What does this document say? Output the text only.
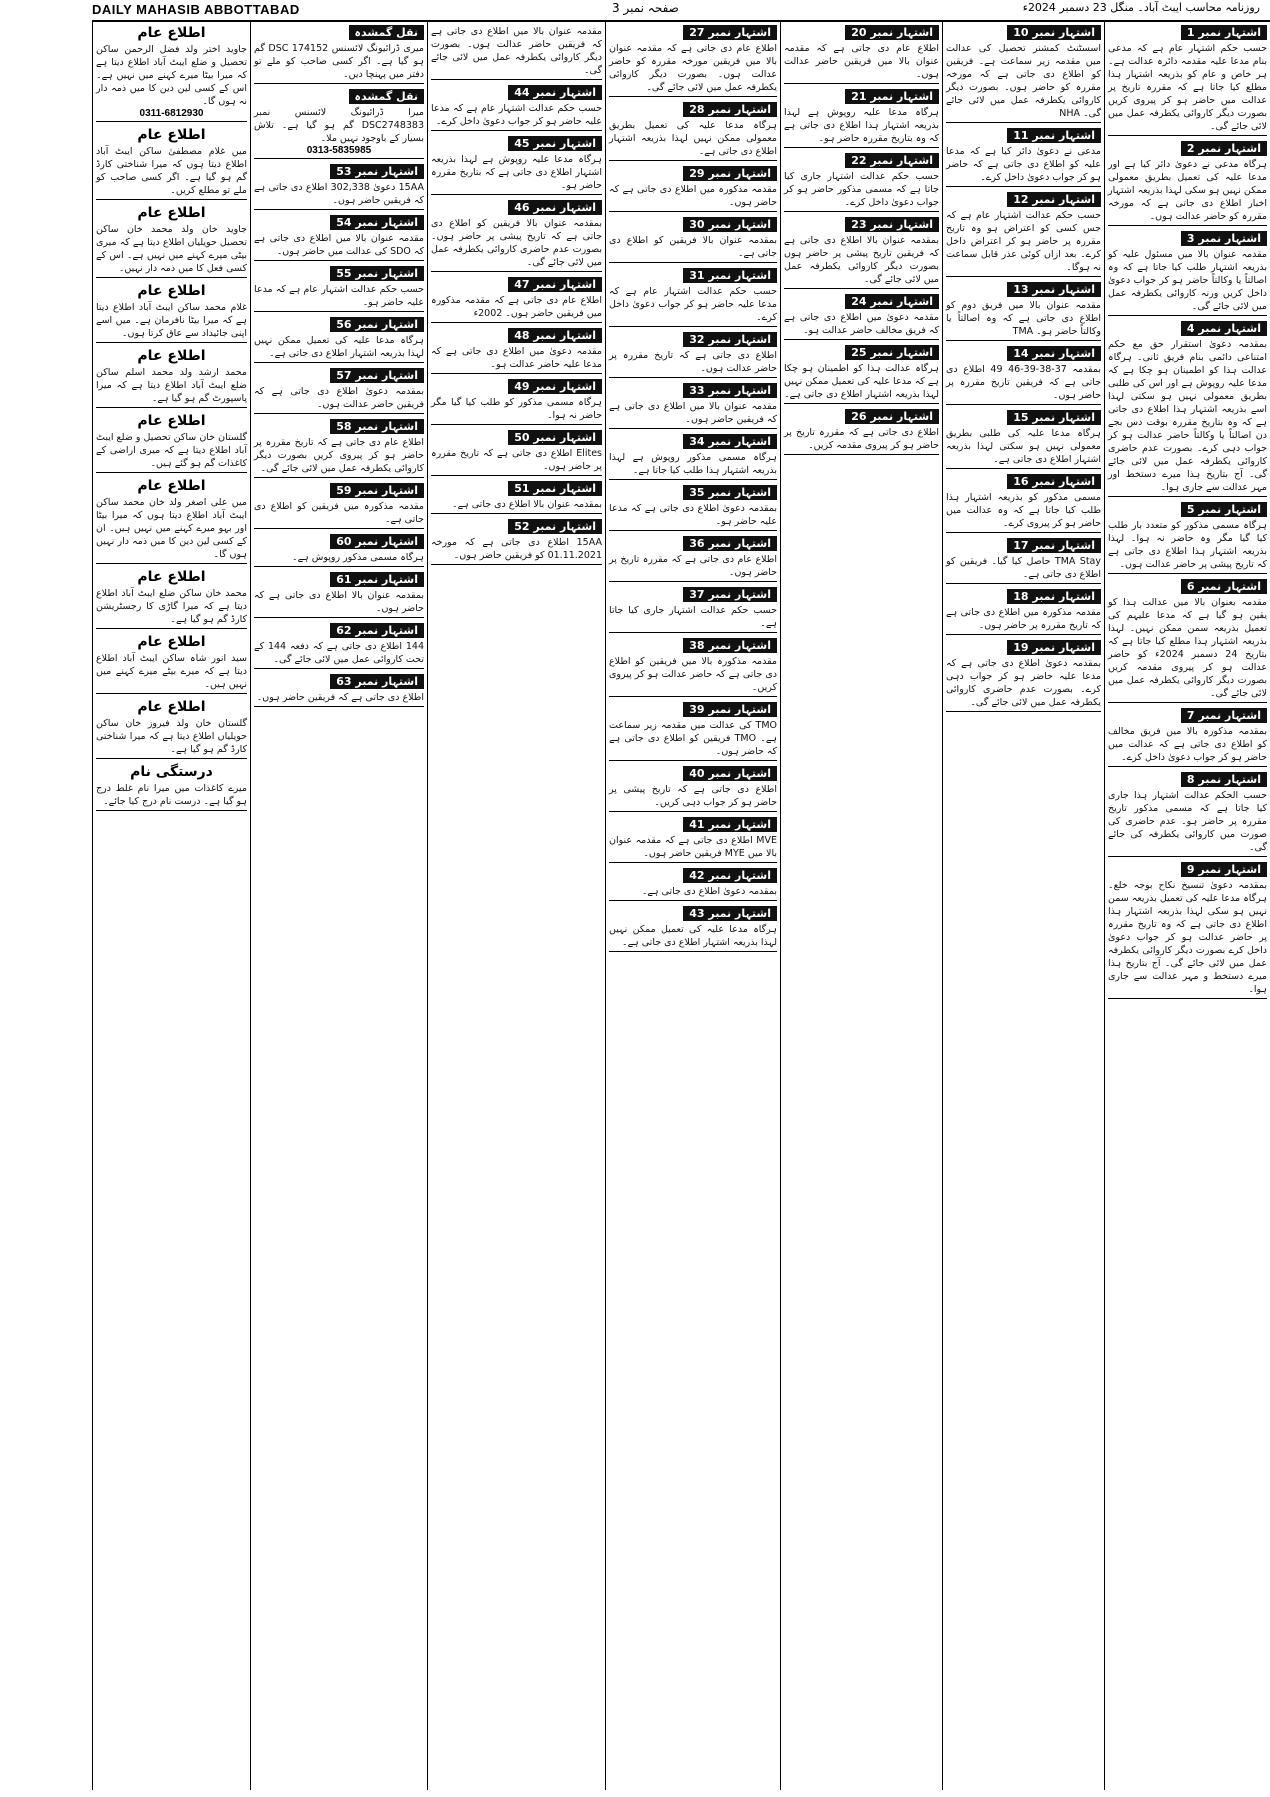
DAILY MAHASIB ABBOTTABAD	صفحہ نمبر 3	روزنامہ محاسب ایبٹ آباد۔ منگل 23 دسمبر 2024ء
اشتہار نمبر 1
حسب حکم اشتہار عام ہے کہ مدعی بنام مدعا علیہ مقدمہ دائرہ عدالت ہے۔ ہر خاص و عام کو بذریعہ اشتہار ہذا مطلع کیا جاتا ہے کہ مقررہ تاریخ پر عدالت میں حاضر ہو کر پیروی کریں بصورت دیگر کاروائی یکطرفہ عمل میں لائی جائے گی۔
اشتہار نمبر 2
ہرگاہ مدعی نے دعویٰ دائر کیا ہے اور مدعا علیہ کی تعمیل بطریق معمولی ممکن نہیں ہو سکی لہذا بذریعہ اشتہار اخبار اطلاع دی جاتی ہے کہ مورخہ مقررہ کو حاضر عدالت ہوں۔
اشتہار نمبر 3
مقدمہ عنوان بالا میں مسئول علیہ کو بذریعہ اشتہار طلب کیا جاتا ہے کہ وہ اصالتاً یا وکالتاً حاضر ہو کر جواب دعویٰ داخل کریں ورنہ کاروائی یکطرفہ عمل میں لائی جائے گی۔
اشتہار نمبر 4
بمقدمہ دعویٰ استقرار حق مع حکم امتناعی دائمی بنام فریق ثانی۔ ہرگاہ عدالت ہذا کو اطمینان ہو چکا ہے کہ مدعا علیہ روپوش ہے اور اس کی طلبی بطریق معمولی نہیں ہو سکتی لہذا اسے بذریعہ اشتہار ہذا اطلاع دی جاتی ہے کہ وہ بتاریخ مقررہ بوقت دس بجے دن اصالتاً یا وکالتاً حاضر عدالت ہو کر جواب دہی کرے۔ بصورت عدم حاضری کاروائی یکطرفہ عمل میں لائی جائے گی۔ آج بتاریخ ہذا میرے دستخط اور مہر عدالت سے جاری ہوا۔
اشتہار نمبر 5
ہرگاہ مسمی مذکور کو متعدد بار طلب کیا گیا مگر وہ حاضر نہ ہوا۔ لہذا بذریعہ اشتہار ہذا اطلاع دی جاتی ہے کہ تاریخ پیشی پر حاضر عدالت ہوں۔
اشتہار نمبر 6
مقدمہ بعنوان بالا میں عدالت ہذا کو یقین ہو گیا ہے کہ مدعا علیہم کی تعمیل بذریعہ سمن ممکن نہیں۔ لہذا بذریعہ اشتہار ہذا مطلع کیا جاتا ہے کہ بتاریخ 24 دسمبر 2024ء کو حاضر عدالت ہو کر پیروی مقدمہ کریں بصورت دیگر کاروائی یکطرفہ عمل میں لائی جائے گی۔
اشتہار نمبر 7
بمقدمہ مذکورہ بالا میں فریق مخالف کو اطلاع دی جاتی ہے کہ عدالت میں حاضر ہو کر جواب دعویٰ داخل کرے۔
اشتہار نمبر 8
حسب الحکم عدالت اشتہار ہذا جاری کیا جاتا ہے کہ مسمی مذکور تاریخ مقررہ پر حاضر ہو۔ عدم حاضری کی صورت میں کاروائی یکطرفہ کی جائے گی۔
اشتہار نمبر 9
بمقدمہ دعویٰ تنسیخ نکاح بوجہ خلع۔ ہرگاہ مدعا علیہ کی تعمیل بذریعہ سمن نہیں ہو سکی لہذا بذریعہ اشتہار ہذا اطلاع دی جاتی ہے کہ وہ تاریخ مقررہ پر حاضر عدالت ہو کر جواب دعویٰ داخل کرے بصورت دیگر کاروائی یکطرفہ عمل میں لائی جائے گی۔ آج بتاریخ ہذا میرے دستخط و مہر عدالت سے جاری ہوا۔
اشتہار نمبر 10
اسسٹنٹ کمشنر تحصیل کی عدالت میں مقدمہ زیر سماعت ہے۔ فریقین کو اطلاع دی جاتی ہے کہ مورخہ مقررہ کو حاضر ہوں۔ بصورت دیگر کاروائی یکطرفہ عمل میں لائی جائے گی۔ NHA
اشتہار نمبر 11
مدعی نے دعویٰ دائر کیا ہے کہ مدعا علیہ کو اطلاع دی جاتی ہے کہ حاضر ہو کر جواب دعویٰ داخل کرے۔
اشتہار نمبر 12
حسب حکم عدالت اشتہار عام ہے کہ جس کسی کو اعتراض ہو وہ تاریخ مقررہ پر حاضر ہو کر اعتراض داخل کرے۔ بعد ازاں کوئی عذر قابل سماعت نہ ہوگا۔
اشتہار نمبر 13
مقدمہ عنوان بالا میں فریق دوم کو اطلاع دی جاتی ہے کہ وہ اصالتاً یا وکالتاً حاضر ہو۔ TMA
اشتہار نمبر 14
بمقدمہ 37-38-39-46 49 اطلاع دی جاتی ہے کہ فریقین تاریخ مقررہ پر حاضر ہوں۔
اشتہار نمبر 15
ہرگاہ مدعا علیہ کی طلبی بطریق معمولی نہیں ہو سکتی لہذا بذریعہ اشتہار اطلاع دی جاتی ہے۔
اشتہار نمبر 16
مسمی مذکور کو بذریعہ اشتہار ہذا طلب کیا جاتا ہے کہ وہ عدالت میں حاضر ہو کر پیروی کرے۔
اشتہار نمبر 17
TMA Stay حاصل کیا گیا۔ فریقین کو اطلاع دی جاتی ہے۔
اشتہار نمبر 18
مقدمہ مذکورہ میں اطلاع دی جاتی ہے کہ تاریخ مقررہ پر حاضر ہوں۔
اشتہار نمبر 19
بمقدمہ دعویٰ اطلاع دی جاتی ہے کہ مدعا علیہ حاضر ہو کر جواب دہی کرے۔ بصورت عدم حاضری کاروائی یکطرفہ عمل میں لائی جائے گی۔
اشتہار نمبر 20
اطلاع عام دی جاتی ہے کہ مقدمہ عنوان بالا میں فریقین حاضر عدالت ہوں۔
اشتہار نمبر 21
ہرگاہ مدعا علیہ روپوش ہے لہذا بذریعہ اشتہار ہذا اطلاع دی جاتی ہے کہ وہ بتاریخ مقررہ حاضر ہو۔
اشتہار نمبر 22
حسب حکم عدالت اشتہار جاری کیا جاتا ہے کہ مسمی مذکور حاضر ہو کر جواب دعویٰ داخل کرے۔
اشتہار نمبر 23
بمقدمہ عنوان بالا اطلاع دی جاتی ہے کہ فریقین تاریخ پیشی پر حاضر ہوں بصورت دیگر کاروائی یکطرفہ عمل میں لائی جائے گی۔
اشتہار نمبر 24
مقدمہ دعویٰ میں اطلاع دی جاتی ہے کہ فریق مخالف حاضر عدالت ہو۔
اشتہار نمبر 25
ہرگاہ عدالت ہذا کو اطمینان ہو چکا ہے کہ مدعا علیہ کی تعمیل ممکن نہیں لہذا بذریعہ اشتہار اطلاع دی جاتی ہے۔
اشتہار نمبر 26
اطلاع دی جاتی ہے کہ مقررہ تاریخ پر حاضر ہو کر پیروی مقدمہ کریں۔
اشتہار نمبر 27
اطلاع عام دی جاتی ہے کہ مقدمہ عنوان بالا میں فریقین مورخہ مقررہ کو حاضر عدالت ہوں۔ بصورت دیگر کاروائی یکطرفہ عمل میں لائی جائے گی۔
اشتہار نمبر 28
ہرگاہ مدعا علیہ کی تعمیل بطریق معمولی ممکن نہیں لہذا بذریعہ اشتہار اطلاع دی جاتی ہے۔
اشتہار نمبر 29
مقدمہ مذکورہ میں اطلاع دی جاتی ہے کہ حاضر ہوں۔
اشتہار نمبر 30
بمقدمہ عنوان بالا فریقین کو اطلاع دی جاتی ہے۔
اشتہار نمبر 31
حسب حکم عدالت اشتہار عام ہے کہ مدعا علیہ حاضر ہو کر جواب دعویٰ داخل کرے۔
اشتہار نمبر 32
اطلاع دی جاتی ہے کہ تاریخ مقررہ پر حاضر عدالت ہوں۔
اشتہار نمبر 33
مقدمہ عنوان بالا میں اطلاع دی جاتی ہے کہ فریقین حاضر ہوں۔
اشتہار نمبر 34
ہرگاہ مسمی مذکور روپوش ہے لہذا بذریعہ اشتہار ہذا طلب کیا جاتا ہے۔
اشتہار نمبر 35
بمقدمہ دعویٰ اطلاع دی جاتی ہے کہ مدعا علیہ حاضر ہو۔
اشتہار نمبر 36
اطلاع عام دی جاتی ہے کہ مقررہ تاریخ پر حاضر ہوں۔
اشتہار نمبر 37
حسب حکم عدالت اشتہار جاری کیا جاتا ہے۔
اشتہار نمبر 38
مقدمہ مذکورہ بالا میں فریقین کو اطلاع دی جاتی ہے کہ حاضر عدالت ہو کر پیروی کریں۔
اشتہار نمبر 39
TMO کی عدالت میں مقدمہ زیر سماعت ہے۔ TMO فریقین کو اطلاع دی جاتی ہے کہ حاضر ہوں۔
اشتہار نمبر 40
اطلاع دی جاتی ہے کہ تاریخ پیشی پر حاضر ہو کر جواب دہی کریں۔
اشتہار نمبر 41
MVE اطلاع دی جاتی ہے کہ مقدمہ عنوان بالا میں MYE فریقین حاضر ہوں۔
اشتہار نمبر 42
بمقدمہ دعویٰ اطلاع دی جاتی ہے۔
اشتہار نمبر 43
ہرگاہ مدعا علیہ کی تعمیل ممکن نہیں لہذا بذریعہ اشتہار اطلاع دی جاتی ہے۔
مقدمہ عنوان بالا میں اطلاع دی جاتی ہے کہ فریقین حاضر عدالت ہوں۔ بصورت دیگر کاروائی یکطرفہ عمل میں لائی جائے گی۔
اشتہار نمبر 44
حسب حکم عدالت اشتہار عام ہے کہ مدعا علیہ حاضر ہو کر جواب دعویٰ داخل کرے۔
اشتہار نمبر 45
ہرگاہ مدعا علیہ روپوش ہے لہذا بذریعہ اشتہار اطلاع دی جاتی ہے کہ بتاریخ مقررہ حاضر ہو۔
اشتہار نمبر 46
بمقدمہ عنوان بالا فریقین کو اطلاع دی جاتی ہے کہ تاریخ پیشی پر حاضر ہوں۔ بصورت عدم حاضری کاروائی یکطرفہ عمل میں لائی جائے گی۔
اشتہار نمبر 47
اطلاع عام دی جاتی ہے کہ مقدمہ مذکورہ میں فریقین حاضر ہوں۔ 2002ء
اشتہار نمبر 48
مقدمہ دعویٰ میں اطلاع دی جاتی ہے کہ مدعا علیہ حاضر عدالت ہو۔
اشتہار نمبر 49
ہرگاہ مسمی مذکور کو طلب کیا گیا مگر حاضر نہ ہوا۔
اشتہار نمبر 50
Elites اطلاع دی جاتی ہے کہ تاریخ مقررہ پر حاضر ہوں۔
اشتہار نمبر 51
بمقدمہ عنوان بالا اطلاع دی جاتی ہے۔
اشتہار نمبر 52
15AA اطلاع دی جاتی ہے کہ مورخہ 01.11.2021 کو فریقین حاضر ہوں۔
نقل گمشدہ
میری ڈرائیونگ لائسنس DSC 174152 گم ہو گیا ہے۔ اگر کسی صاحب کو ملے تو دفتر میں پہنچا دیں۔
نقل گمشدہ
میرا ڈرائیونگ لائسنس نمبر DSC2748383 گم ہو گیا ہے۔ تلاش بسیار کے باوجود نہیں ملا۔
0313-5835985
اشتہار نمبر 53
15AA دعویٰ 302,338 اطلاع دی جاتی ہے کہ فریقین حاضر ہوں۔
اشتہار نمبر 54
مقدمہ عنوان بالا میں اطلاع دی جاتی ہے کہ SDO کی عدالت میں حاضر ہوں۔
اشتہار نمبر 55
حسب حکم عدالت اشتہار عام ہے کہ مدعا علیہ حاضر ہو۔
اشتہار نمبر 56
ہرگاہ مدعا علیہ کی تعمیل ممکن نہیں لہذا بذریعہ اشتہار اطلاع دی جاتی ہے۔
اشتہار نمبر 57
بمقدمہ دعویٰ اطلاع دی جاتی ہے کہ فریقین حاضر عدالت ہوں۔
اشتہار نمبر 58
اطلاع عام دی جاتی ہے کہ تاریخ مقررہ پر حاضر ہو کر پیروی کریں بصورت دیگر کاروائی یکطرفہ عمل میں لائی جائے گی۔
اشتہار نمبر 59
مقدمہ مذکورہ میں فریقین کو اطلاع دی جاتی ہے۔
اشتہار نمبر 60
ہرگاہ مسمی مذکور روپوش ہے۔
اشتہار نمبر 61
بمقدمہ عنوان بالا اطلاع دی جاتی ہے کہ حاضر ہوں۔
اشتہار نمبر 62
144 اطلاع دی جاتی ہے کہ دفعہ 144 کے تحت کاروائی عمل میں لائی جائے گی۔
اشتہار نمبر 63
اطلاع دی جاتی ہے کہ فریقین حاضر ہوں۔
اطلاع عام
جاوید اختر ولد فضل الرحمن ساکن تحصیل و ضلع ایبٹ آباد اطلاع دیتا ہے کہ میرا بیٹا میرے کہنے میں نہیں ہے۔ اس کے کسی لین دین کا میں ذمہ دار نہ ہوں گا۔
0311-6812930
اطلاع عام
میں غلام مصطفیٰ ساکن ایبٹ آباد اطلاع دیتا ہوں کہ میرا شناختی کارڈ گم ہو گیا ہے۔ اگر کسی صاحب کو ملے تو مطلع کریں۔
اطلاع عام
جاوید خان ولد محمد خان ساکن تحصیل حویلیاں اطلاع دیتا ہے کہ میری بیٹی میرے کہنے میں نہیں ہے۔ اس کے کسی فعل کا میں ذمہ دار نہیں۔
اطلاع عام
غلام محمد ساکن ایبٹ آباد اطلاع دیتا ہے کہ میرا بیٹا نافرمان ہے۔ میں اسے اپنی جائیداد سے عاق کرتا ہوں۔
اطلاع عام
محمد ارشد ولد محمد اسلم ساکن ضلع ایبٹ آباد اطلاع دیتا ہے کہ میرا پاسپورٹ گم ہو گیا ہے۔
اطلاع عام
گلستان خان ساکن تحصیل و ضلع ایبٹ آباد اطلاع دیتا ہے کہ میری اراضی کے کاغذات گم ہو گئے ہیں۔
اطلاع عام
میں علی اصغر ولد خان محمد ساکن ایبٹ آباد اطلاع دیتا ہوں کہ میرا بیٹا اور بہو میرے کہنے میں نہیں ہیں۔ ان کے کسی لین دین کا میں ذمہ دار نہیں ہوں گا۔
اطلاع عام
محمد خان ساکن ضلع ایبٹ آباد اطلاع دیتا ہے کہ میرا گاڑی کا رجسٹریشن کارڈ گم ہو گیا ہے۔
اطلاع عام
سید انور شاہ ساکن ایبٹ آباد اطلاع دیتا ہے کہ میرے بیٹے میرے کہنے میں نہیں ہیں۔
اطلاع عام
گلستان خان ولد فیروز خان ساکن حویلیاں اطلاع دیتا ہے کہ میرا شناختی کارڈ گم ہو گیا ہے۔
درستگی نام
میرے کاغذات میں میرا نام غلط درج ہو گیا ہے۔ درست نام درج کیا جائے۔
